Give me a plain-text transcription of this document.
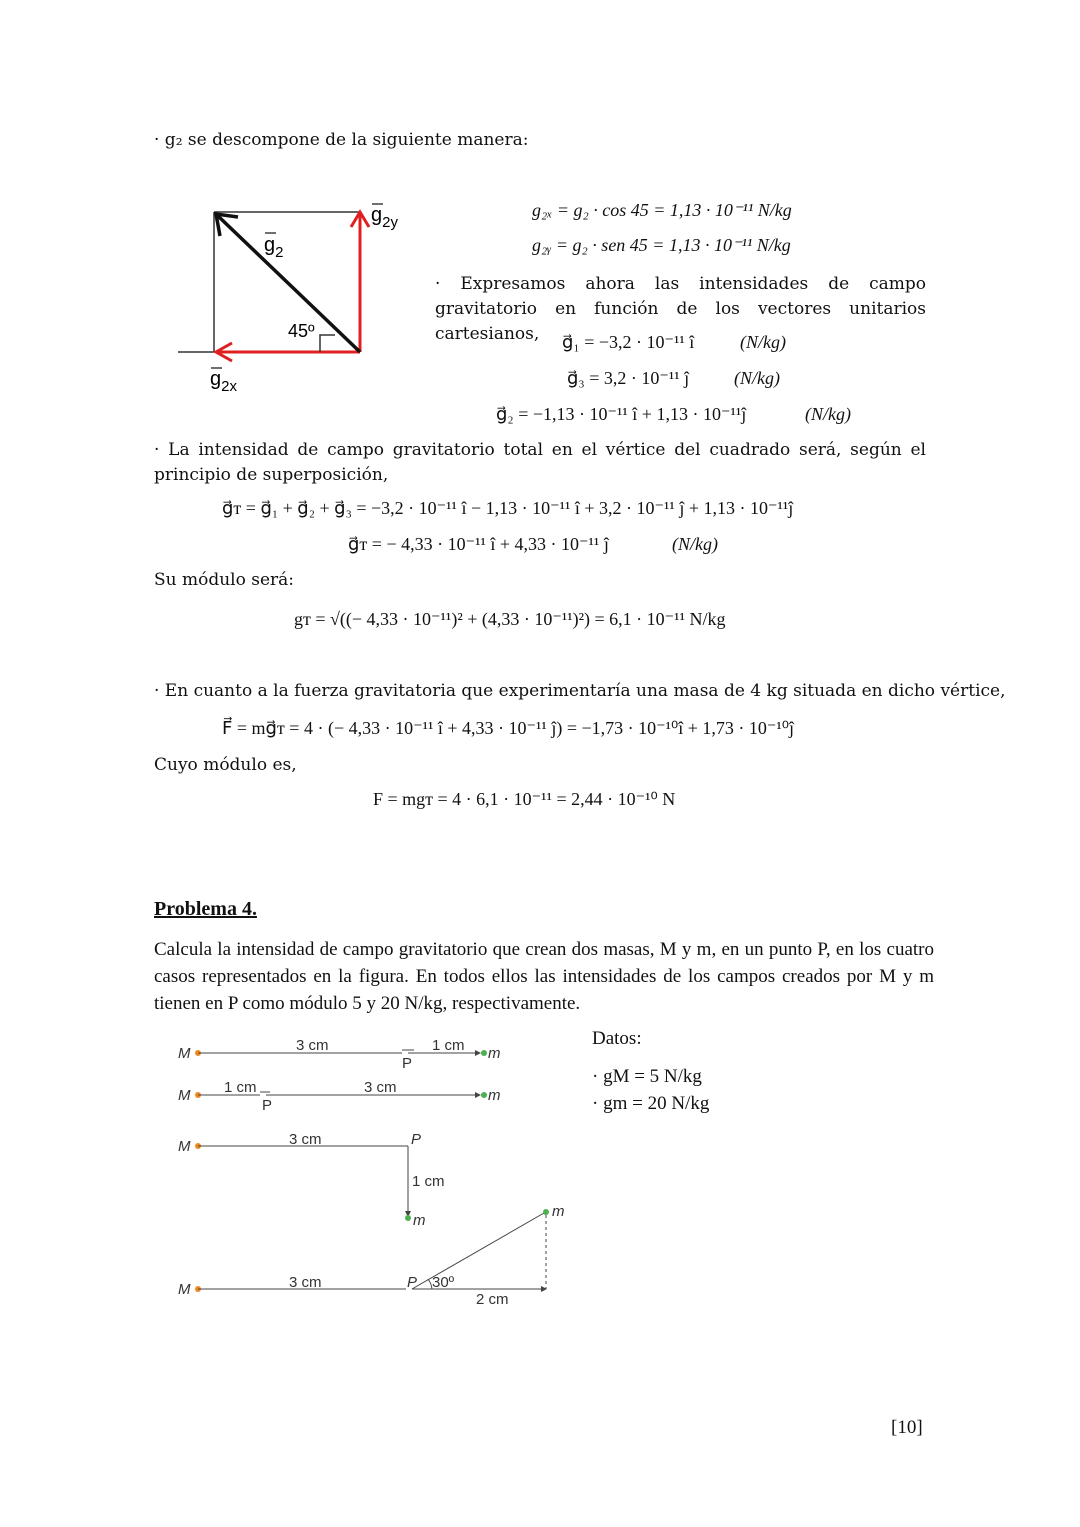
· g₂ se descompone de la siguiente manera:
$g_2$
$g_{2y}$
$g_{2x}$
45º
g₂ₓ = g₂ · cos 45 = 1,13 · 10⁻¹¹ N/kg
g₂ᵧ = g₂ · sen 45 = 1,13 · 10⁻¹¹ N/kg
· Expresamos ahora las intensidades de campo gravitatorio en función de los vectores unitarios cartesianos,	g⃗₁ = −3,2 · 10⁻¹¹ î	(N/kg)
g⃗₃ = 3,2 · 10⁻¹¹ ĵ (N/kg)
g⃗₂ = −1,13 · 10⁻¹¹ î + 1,13 · 10⁻¹¹ĵ	(N/kg)
· La intensidad de campo gravitatorio total en el vértice del cuadrado será, según el principio de superposición,
g⃗ᴛ = g⃗₁ + g⃗₂ + g⃗₃ = −3,2 · 10⁻¹¹ î − 1,13 · 10⁻¹¹ î + 3,2 · 10⁻¹¹ ĵ + 1,13 · 10⁻¹¹ĵ
g⃗ᴛ = − 4,33 · 10⁻¹¹ î + 4,33 · 10⁻¹¹ ĵ	(N/kg)
Su módulo será:
gᴛ = √((− 4,33 · 10⁻¹¹)² + (4,33 · 10⁻¹¹)²) = 6,1 · 10⁻¹¹ N/kg
· En cuanto a la fuerza gravitatoria que experimentaría una masa de 4 kg situada en dicho vértice,
F⃗ = mg⃗ᴛ = 4 · (− 4,33 · 10⁻¹¹ î + 4,33 · 10⁻¹¹ ĵ) = −1,73 · 10⁻¹⁰î + 1,73 · 10⁻¹⁰ĵ
Cuyo módulo es,
F = mgᴛ = 4 · 6,1 · 10⁻¹¹ = 2,44 · 10⁻¹⁰ N
Problema 4.
Calcula la intensidad de campo gravitatorio que crean dos masas, M y m, en un punto P, en los cuatro casos representados en la figura. En todos ellos las intensidades de los campos creados por M y m tienen en P como módulo 5 y 20 N/kg, respectivamente.
Datos:
· gM = 5 N/kg
· gm = 20 N/kg
M	m
P
3 cm	1 cm
M	m
P
1 cm	3 cm
M
m
P
3 cm
1 cm
M
m
P 30º
3 cm
2 cm
[10]
